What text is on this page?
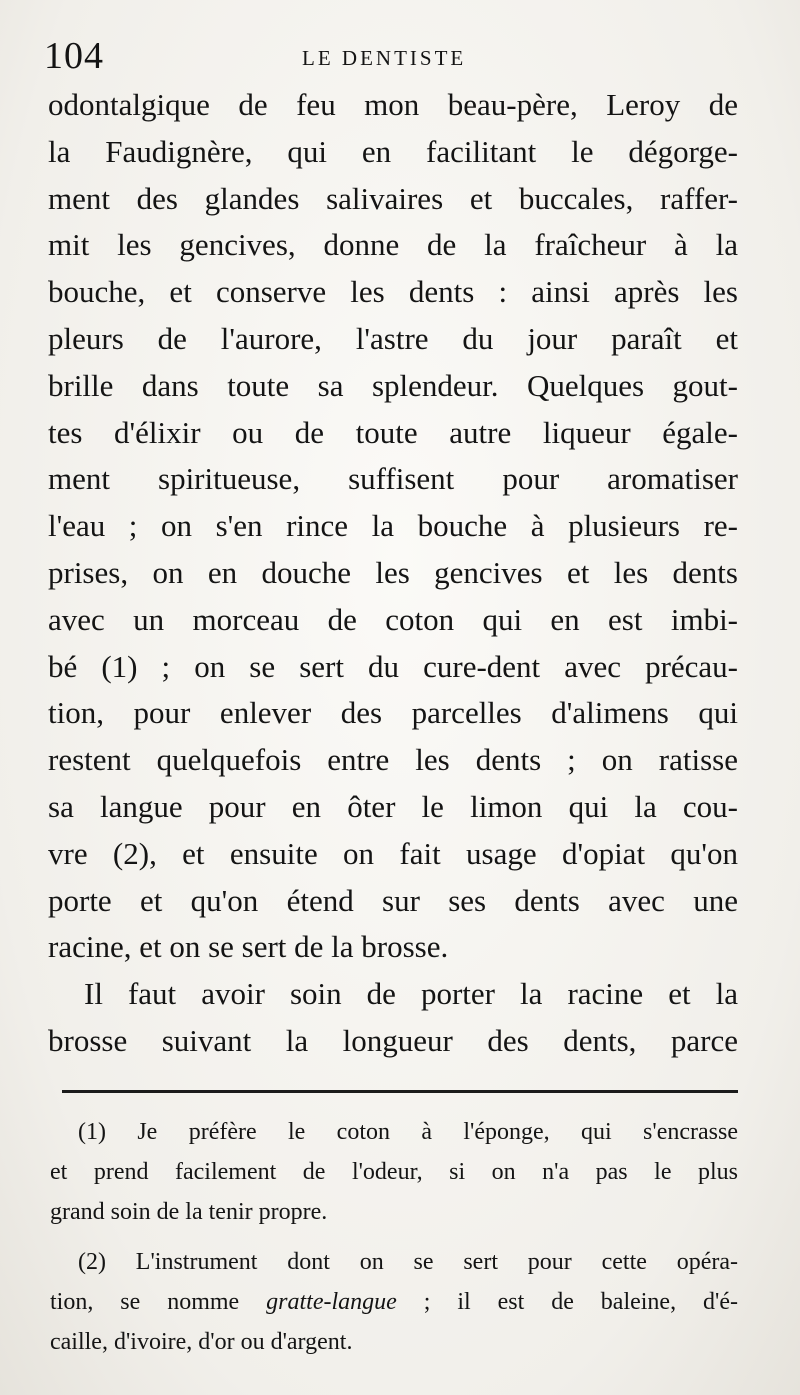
104	LE DENTISTE
odontalgique de feu mon beau-père, Leroy de
la Faudignère, qui en facilitant le dégorge-
ment des glandes salivaires et buccales, raffer-
mit les gencives, donne de la fraîcheur à la
bouche, et conserve les dents : ainsi après les
pleurs de l'aurore, l'astre du jour paraît et
brille dans toute sa splendeur. Quelques gout-
tes d'élixir ou de toute autre liqueur égale-
ment spiritueuse, suffisent pour aromatiser
l'eau ; on s'en rince la bouche à plusieurs re-
prises, on en douche les gencives et les dents
avec un morceau de coton qui en est imbi-
bé (1) ; on se sert du cure-dent avec précau-
tion, pour enlever des parcelles d'alimens qui
restent quelquefois entre les dents ; on ratisse
sa langue pour en ôter le limon qui la cou-
vre (2), et ensuite on fait usage d'opiat qu'on
porte et qu'on étend sur ses dents avec une
racine, et on se sert de la brosse.
Il faut avoir soin de porter la racine et la
brosse suivant la longueur des dents, parce
(1) Je préfère le coton à l'éponge, qui s'encrasse
et prend facilement de l'odeur, si on n'a pas le plus
grand soin de la tenir propre.
(2) L'instrument dont on se sert pour cette opéra-
tion, se nomme gratte-langue ; il est de baleine, d'é-
caille, d'ivoire, d'or ou d'argent.
